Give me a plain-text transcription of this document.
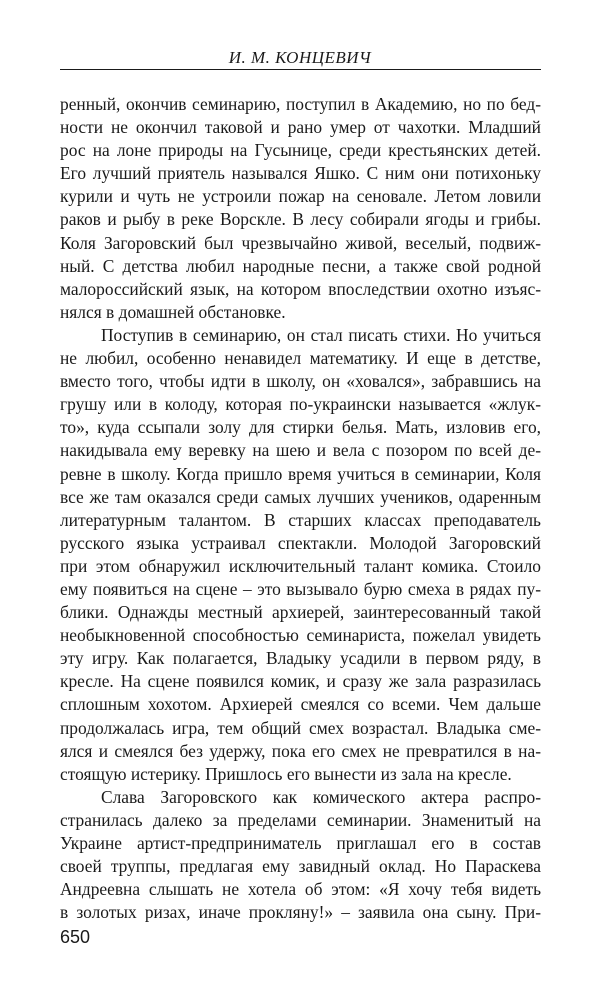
И. М. КОНЦЕВИЧ
ренный, окончив семинарию, поступил в Академию, но по бед-
ности не окончил таковой и рано умер от чахотки. Младший
рос на лоне природы на Гусынице, среди крестьянских детей.
Его лучший приятель назывался Яшко. С ним они потихоньку
курили и чуть не устроили пожар на сеновале. Летом ловили
раков и рыбу в реке Ворскле. В лесу собирали ягоды и грибы.
Коля Загоровский был чрезвычайно живой, веселый, подвиж-
ный. С детства любил народные песни, а также свой родной
малороссийский язык, на котором впоследствии охотно изъяс-
нялся в домашней обстановке.
Поступив в семинарию, он стал писать стихи. Но учиться
не любил, особенно ненавидел математику. И еще в детстве,
вместо того, чтобы идти в школу, он «ховался», забравшись на
грушу или в колоду, которая по-украински называется «жлук-
то», куда ссыпали золу для стирки белья. Мать, изловив его,
накидывала ему веревку на шею и вела с позором по всей де-
ревне в школу. Когда пришло время учиться в семинарии, Коля
все же там оказался среди самых лучших учеников, одаренным
литературным талантом. В старших классах преподаватель
русского языка устраивал спектакли. Молодой Загоровский
при этом обнаружил исключительный талант комика. Стоило
ему появиться на сцене – это вызывало бурю смеха в рядах пу-
блики. Однажды местный архиерей, заинтересованный такой
необыкновенной способностью семинариста, пожелал увидеть
эту игру. Как полагается, Владыку усадили в первом ряду, в
кресле. На сцене появился комик, и сразу же зала разразилась
сплошным хохотом. Архиерей смеялся со всеми. Чем дальше
продолжалась игра, тем общий смех возрастал. Владыка сме-
ялся и смеялся без удержу, пока его смех не превратился в на-
стоящую истерику. Пришлось его вынести из зала на кресле.
Слава Загоровского как комического актера распро-
странилась далеко за пределами семинарии. Знаменитый на
Украине артист-предприниматель приглашал его в состав
своей труппы, предлагая ему завидный оклад. Но Параскева
Андреевна слышать не хотела об этом: «Я хочу тебя видеть
в золотых ризах, иначе прокляну!» – заявила она сыну. При-
650
